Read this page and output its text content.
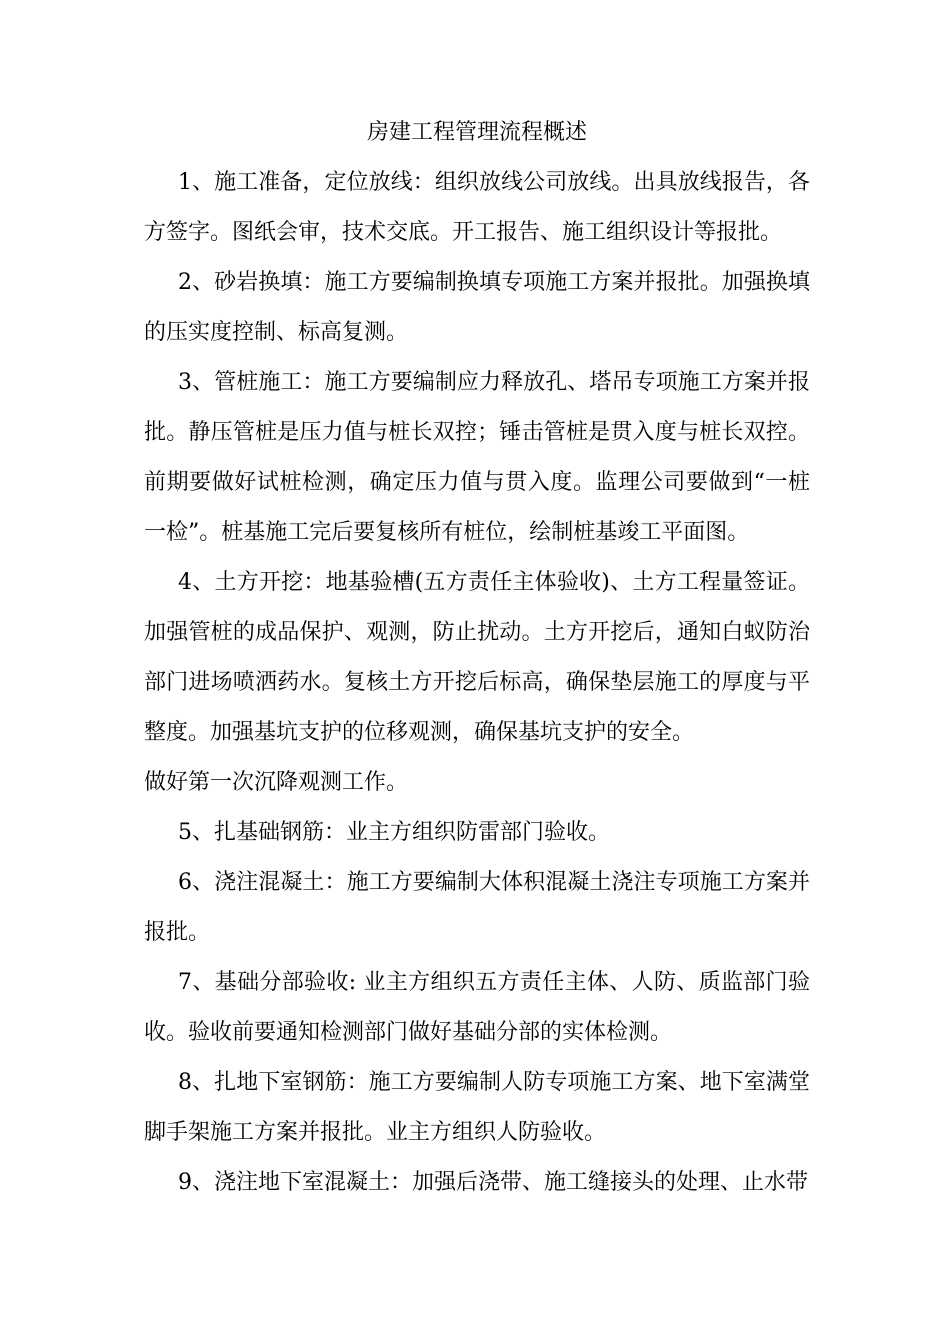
房建工程管理流程概述

1、施工准备，定位放线：组织放线公司放线。出具放线报告，各方签字。图纸会审，技术交底。开工报告、施工组织设计等报批。

2、砂岩换填：施工方要编制换填专项施工方案并报批。加强换填的压实度控制、标高复测。

3、管桩施工：施工方要编制应力释放孔、塔吊专项施工方案并报批。静压管桩是压力值与桩长双控；锤击管桩是贯入度与桩长双控。前期要做好试桩检测，确定压力值与贯入度。监理公司要做到“一桩一检”。桩基施工完后要复核所有桩位，绘制桩基竣工平面图。

4、土方开挖：地基验槽(五方责任主体验收)、土方工程量签证。加强管桩的成品保护、观测，防止扰动。土方开挖后，通知白蚁防治部门进场喷洒药水。复核土方开挖后标高，确保垫层施工的厚度与平整度。加强基坑支护的位移观测，确保基坑支护的安全。

做好第一次沉降观测工作。

5、扎基础钢筋：业主方组织防雷部门验收。

6、浇注混凝土：施工方要编制大体积混凝土浇注专项施工方案并报批。

7、基础分部验收: 业主方组织五方责任主体、人防、质监部门验收。验收前要通知检测部门做好基础分部的实体检测。

8、扎地下室钢筋：施工方要编制人防专项施工方案、地下室满堂脚手架施工方案并报批。业主方组织人防验收。

9、浇注地下室混凝土：加强后浇带、施工缝接头的处理、止水带
